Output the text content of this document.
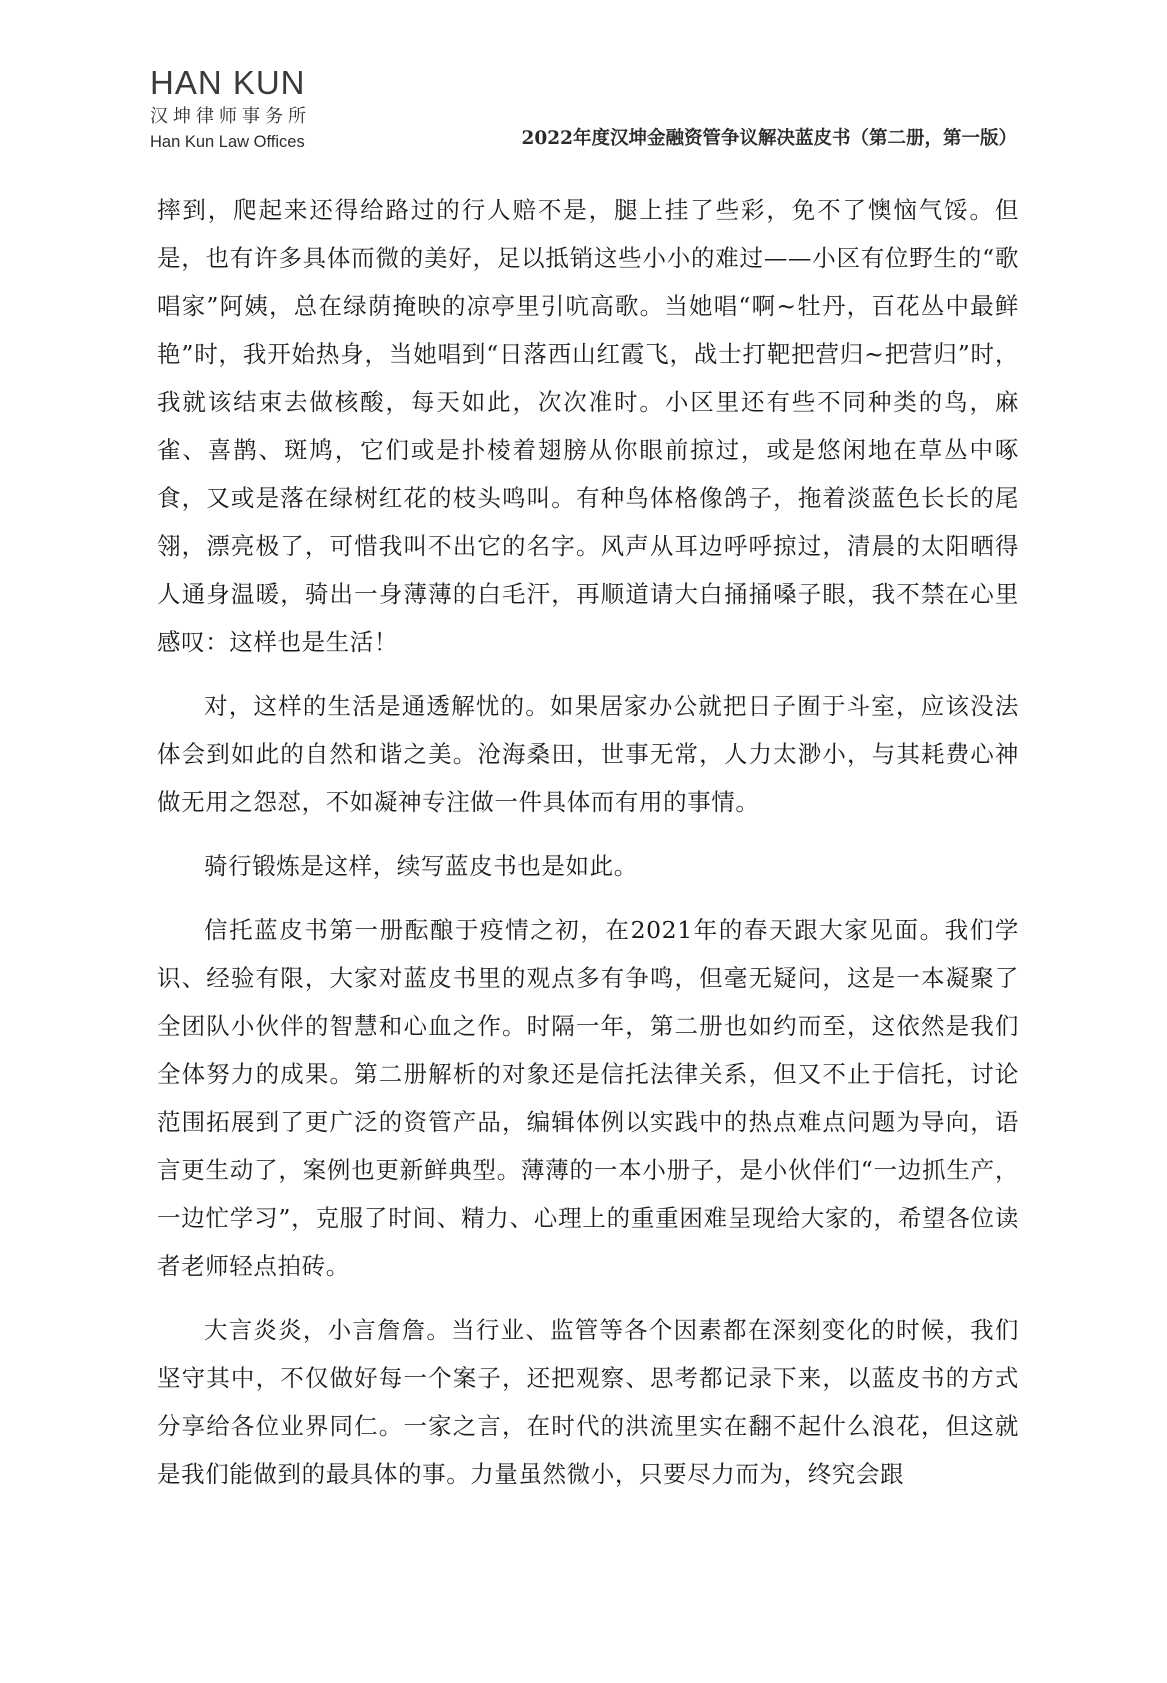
HAN KUN
汉坤律师事务所
Han Kun Law Offices	2022年度汉坤金融资管争议解决蓝皮书（第二册，第一版）

摔到，爬起来还得给路过的行人赔不是，腿上挂了些彩，免不了懊恼气馁。但是，也有许多具体而微的美好，足以抵销这些小小的难过——小区有位野生的“歌唱家”阿姨，总在绿荫掩映的凉亭里引吭高歌。当她唱“啊~牡丹，百花丛中最鲜艳”时，我开始热身，当她唱到“日落西山红霞飞，战士打靶把营归~把营归”时，我就该结束去做核酸，每天如此，次次准时。小区里还有些不同种类的鸟，麻雀、喜鹊、斑鸠，它们或是扑棱着翅膀从你眼前掠过，或是悠闲地在草丛中啄食，又或是落在绿树红花的枝头鸣叫。有种鸟体格像鸽子，拖着淡蓝色长长的尾翎，漂亮极了，可惜我叫不出它的名字。风声从耳边呼呼掠过，清晨的太阳晒得人通身温暖，骑出一身薄薄的白毛汗，再顺道请大白捅捅嗓子眼，我不禁在心里感叹：这样也是生活！

对，这样的生活是通透解忧的。如果居家办公就把日子囿于斗室，应该没法体会到如此的自然和谐之美。沧海桑田，世事无常，人力太渺小，与其耗费心神做无用之怨怼，不如凝神专注做一件具体而有用的事情。

骑行锻炼是这样，续写蓝皮书也是如此。

信托蓝皮书第一册酝酿于疫情之初，在2021年的春天跟大家见面。我们学识、经验有限，大家对蓝皮书里的观点多有争鸣，但毫无疑问，这是一本凝聚了全团队小伙伴的智慧和心血之作。时隔一年，第二册也如约而至，这依然是我们全体努力的成果。第二册解析的对象还是信托法律关系，但又不止于信托，讨论范围拓展到了更广泛的资管产品，编辑体例以实践中的热点难点问题为导向，语言更生动了，案例也更新鲜典型。薄薄的一本小册子，是小伙伴们“一边抓生产，一边忙学习”，克服了时间、精力、心理上的重重困难呈现给大家的，希望各位读者老师轻点拍砖。

大言炎炎，小言詹詹。当行业、监管等各个因素都在深刻变化的时候，我们坚守其中，不仅做好每一个案子，还把观察、思考都记录下来，以蓝皮书的方式分享给各位业界同仁。一家之言，在时代的洪流里实在翻不起什么浪花，但这就是我们能做到的最具体的事。力量虽然微小，只要尽力而为，终究会跟
